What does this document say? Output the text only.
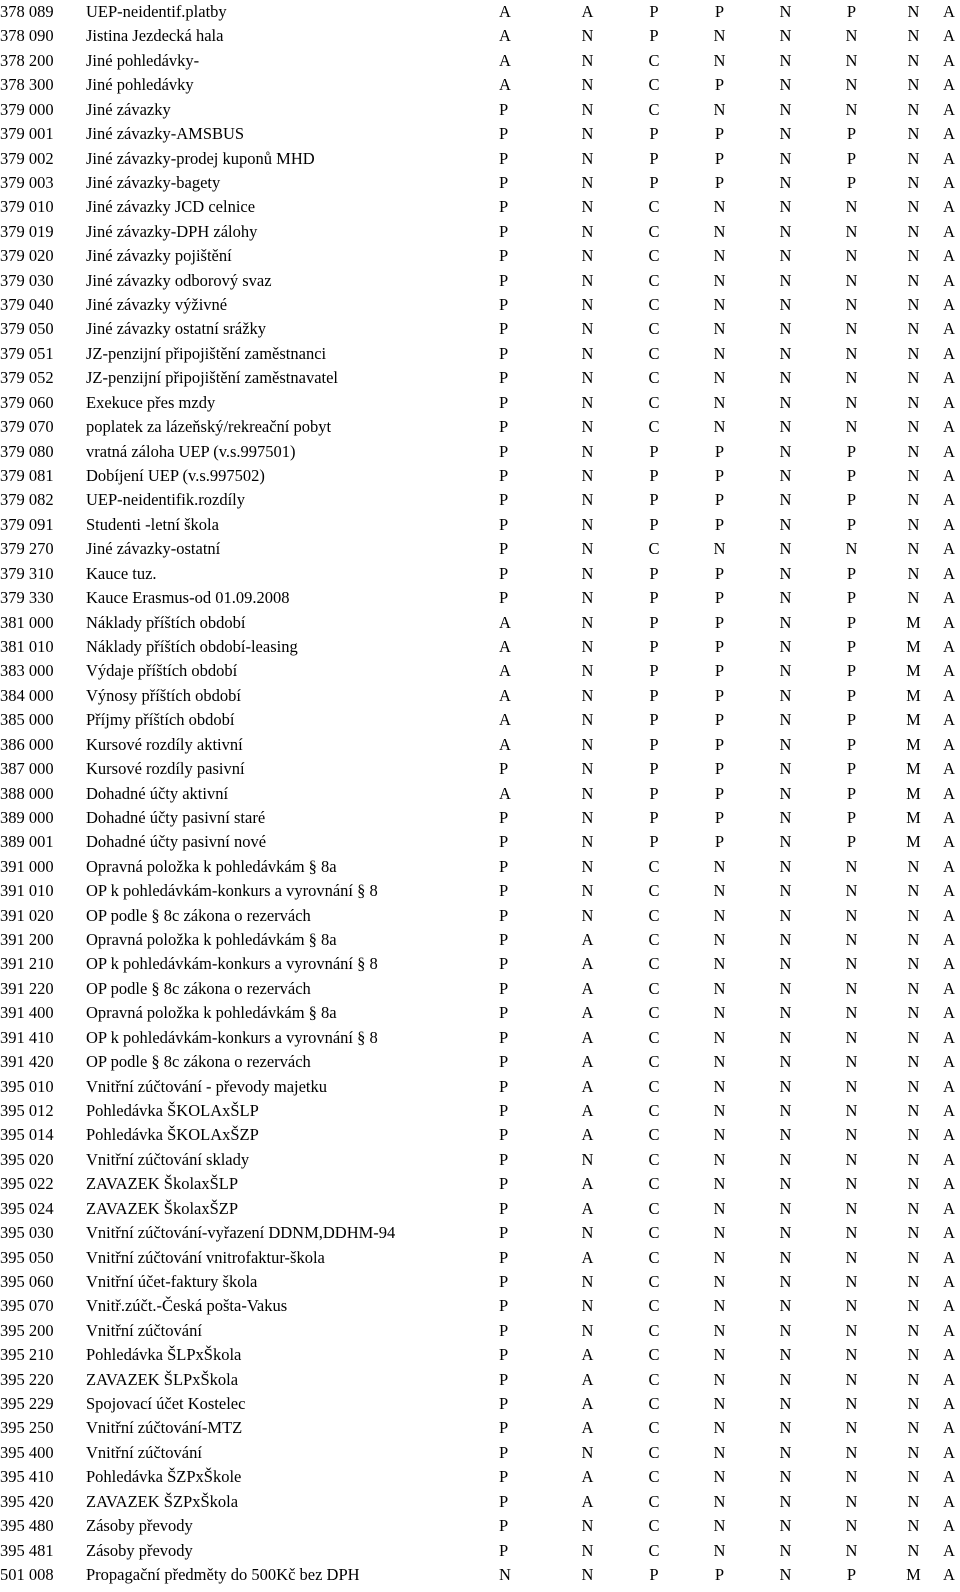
378 089	UEP-neidentif.platby	A	A	P	P	N	P	N	A
378 090	Jistina Jezdecká hala	A	N	P	N	N	N	N	A
378 200	Jiné pohledávky-	A	N	C	N	N	N	N	A
378 300	Jiné pohledávky	A	N	C	P	N	N	N	A
379 000	Jiné závazky	P	N	C	N	N	N	N	A
379 001	Jiné závazky-AMSBUS	P	N	P	P	N	P	N	A
379 002	Jiné závazky-prodej kuponů MHD	P	N	P	P	N	P	N	A
379 003	Jiné závazky-bagety	P	N	P	P	N	P	N	A
379 010	Jiné závazky JCD celnice	P	N	C	N	N	N	N	A
379 019	Jiné závazky-DPH zálohy	P	N	C	N	N	N	N	A
379 020	Jiné závazky pojištění	P	N	C	N	N	N	N	A
379 030	Jiné závazky odborový svaz	P	N	C	N	N	N	N	A
379 040	Jiné závazky výživné	P	N	C	N	N	N	N	A
379 050	Jiné závazky ostatní srážky	P	N	C	N	N	N	N	A
379 051	JZ-penzijní připojištění zaměstnanci	P	N	C	N	N	N	N	A
379 052	JZ-penzijní připojištění zaměstnavatel	P	N	C	N	N	N	N	A
379 060	Exekuce přes mzdy	P	N	C	N	N	N	N	A
379 070	poplatek za lázeňský/rekreační pobyt	P	N	C	N	N	N	N	A
379 080	vratná záloha UEP (v.s.997501)	P	N	P	P	N	P	N	A
379 081	Dobíjení UEP (v.s.997502)	P	N	P	P	N	P	N	A
379 082	UEP-neidentifik.rozdíly	P	N	P	P	N	P	N	A
379 091	Studenti -letní škola	P	N	P	P	N	P	N	A
379 270	Jiné závazky-ostatní	P	N	C	N	N	N	N	A
379 310	Kauce tuz.	P	N	P	P	N	P	N	A
379 330	Kauce Erasmus-od 01.09.2008	P	N	P	P	N	P	N	A
381 000	Náklady příštích období	A	N	P	P	N	P	M	A
381 010	Náklady příštích období-leasing	A	N	P	P	N	P	M	A
383 000	Výdaje příštích období	A	N	P	P	N	P	M	A
384 000	Výnosy příštích období	A	N	P	P	N	P	M	A
385 000	Příjmy příštích období	A	N	P	P	N	P	M	A
386 000	Kursové rozdíly aktivní	A	N	P	P	N	P	M	A
387 000	Kursové rozdíly pasivní	P	N	P	P	N	P	M	A
388 000	Dohadné účty aktivní	A	N	P	P	N	P	M	A
389 000	Dohadné účty pasivní staré	P	N	P	P	N	P	M	A
389 001	Dohadné účty pasivní nové	P	N	P	P	N	P	M	A
391 000	Opravná položka k pohledávkám § 8a	P	N	C	N	N	N	N	A
391 010	OP k pohledávkám-konkurs a vyrovnání § 8	P	N	C	N	N	N	N	A
391 020	OP podle § 8c zákona o rezervách	P	N	C	N	N	N	N	A
391 200	Opravná položka k pohledávkám § 8a	P	A	C	N	N	N	N	A
391 210	OP k pohledávkám-konkurs a vyrovnání § 8	P	A	C	N	N	N	N	A
391 220	OP podle § 8c zákona o rezervách	P	A	C	N	N	N	N	A
391 400	Opravná položka k pohledávkám § 8a	P	A	C	N	N	N	N	A
391 410	OP k pohledávkám-konkurs a vyrovnání § 8	P	A	C	N	N	N	N	A
391 420	OP podle § 8c zákona o rezervách	P	A	C	N	N	N	N	A
395 010	Vnitřní zúčtování - převody majetku	P	A	C	N	N	N	N	A
395 012	Pohledávka ŠKOLAxŠLP	P	A	C	N	N	N	N	A
395 014	Pohledávka ŠKOLAxŠZP	P	A	C	N	N	N	N	A
395 020	Vnitřní zúčtování sklady	P	N	C	N	N	N	N	A
395 022	ZAVAZEK ŠkolaxŠLP	P	A	C	N	N	N	N	A
395 024	ZAVAZEK ŠkolaxŠZP	P	A	C	N	N	N	N	A
395 030	Vnitřní zúčtování-vyřazení DDNM,DDHM-94	P	N	C	N	N	N	N	A
395 050	Vnitřní zúčtování vnitrofaktur-škola	P	A	C	N	N	N	N	A
395 060	Vnitřní účet-faktury škola	P	N	C	N	N	N	N	A
395 070	Vnitř.zúčt.-Česká pošta-Vakus	P	N	C	N	N	N	N	A
395 200	Vnitřní zúčtování	P	N	C	N	N	N	N	A
395 210	Pohledávka ŠLPxŠkola	P	A	C	N	N	N	N	A
395 220	ZAVAZEK ŠLPxŠkola	P	A	C	N	N	N	N	A
395 229	Spojovací účet Kostelec	P	A	C	N	N	N	N	A
395 250	Vnitřní zúčtování-MTZ	P	A	C	N	N	N	N	A
395 400	Vnitřní zúčtování	P	N	C	N	N	N	N	A
395 410	Pohledávka ŠZPxŠkole	P	A	C	N	N	N	N	A
395 420	ZAVAZEK ŠZPxŠkola	P	A	C	N	N	N	N	A
395 480	Zásoby převody	P	N	C	N	N	N	N	A
395 481	Zásoby převody	P	N	C	N	N	N	N	A
501 008	Propagační předměty do 500Kč bez DPH	N	N	P	P	N	P	M	A
